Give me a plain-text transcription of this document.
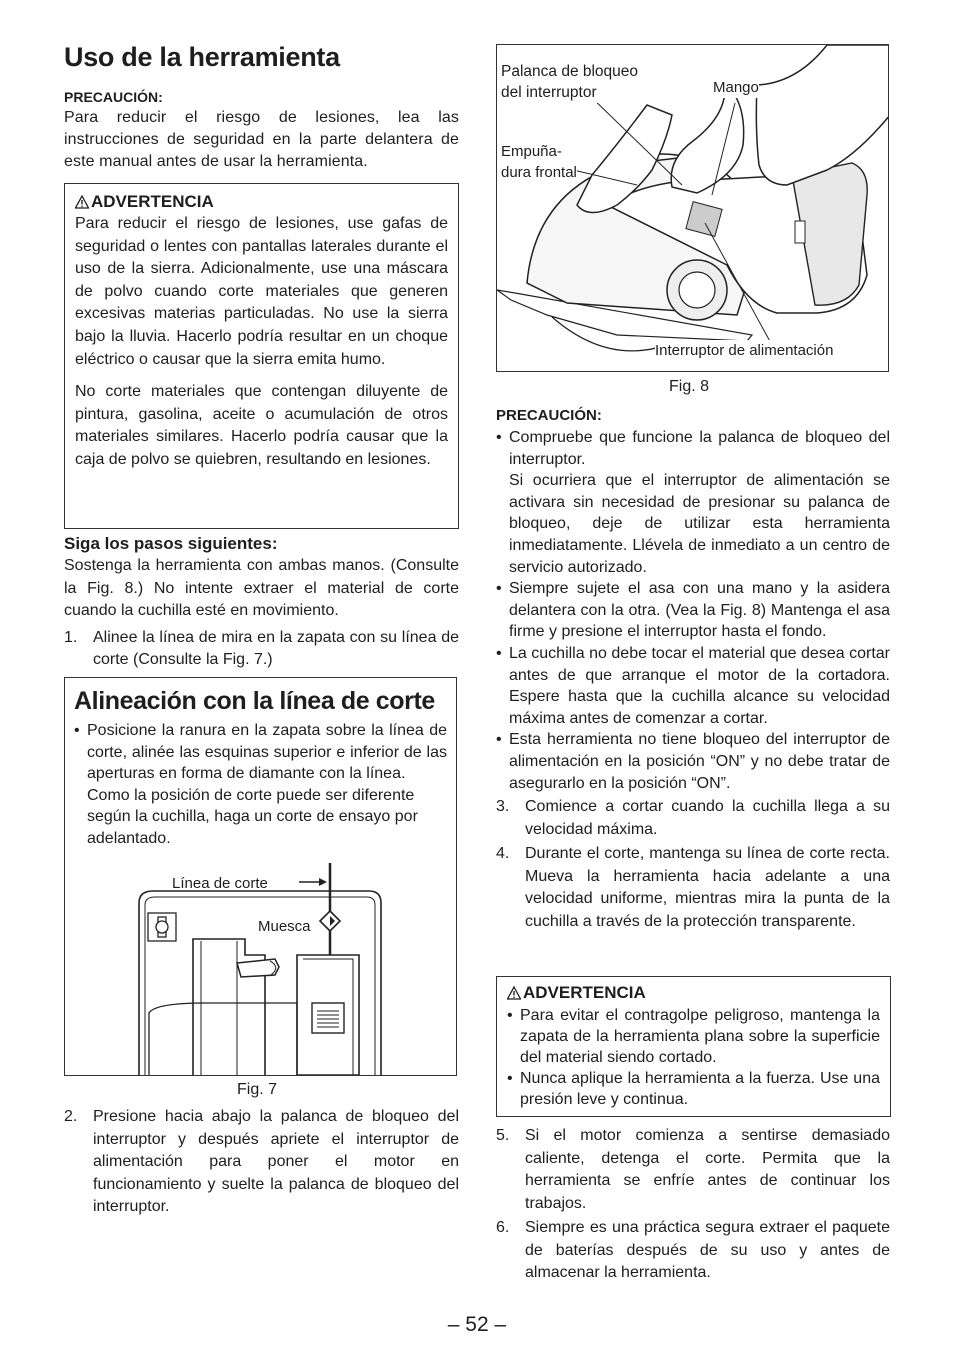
Uso de la herramienta
PRECAUCIÓN:

Para reducir el riesgo de lesiones, lea las instrucciones de seguridad en la parte delantera de este manual antes de usar la herramienta.

ADVERTENCIA

Para reducir el riesgo de lesiones, use gafas de seguridad o lentes con pantallas laterales durante el uso de la sierra. Adicionalmente, use una máscara de polvo cuando corte materiales que generen excesivas materias particuladas. No use la sierra bajo la lluvia. Hacerlo podría resultar en un choque eléctrico o causar que la sierra emita humo.

No corte materiales que contengan diluyente de pintura, gasolina, aceite o acumulación de otros materiales similares. Hacerlo podría causar que la caja de polvo se quiebren, resultando en lesiones.

Siga los pasos siguientes:

Sostenga la herramienta con ambas manos. (Consulte la Fig. 8.) No intente extraer el material de corte cuando la cuchilla esté en movimiento.

1. Alinee la línea de mira en la zapata con su línea de corte (Consulte la Fig. 7.)
Alineación con la línea de corte
• Posicione la ranura en la zapata sobre la línea de corte, alinée las esquinas superior e inferior de las aperturas en forma de diamante con la línea.

Como la posición de corte puede ser diferente según la cuchilla, haga un corte de ensayo por adelantado.

Línea de corte
Muesca
Fig. 7
2. Presione hacia abajo la palanca de bloqueo del interruptor y después apriete el interruptor de alimentación para poner el motor en funcionamiento y suelte la palanca de bloqueo del interruptor.
Palanca de bloqueo del interruptor	Mango
Empuña-dura frontal
Interruptor de alimentación
Fig. 8
PRECAUCIÓN:
• Compruebe que funcione la palanca de bloqueo del interruptor.

Si ocurriera que el interruptor de alimentación se activara sin necesidad de presionar su palanca de bloqueo, deje de utilizar esta herramienta inmediatamente. Llévela de inmediato a un centro de servicio autorizado.

• Siempre sujete el asa con una mano y la asidera delantera con la otra. (Vea la Fig. 8) Mantenga el asa firme y presione el interruptor hasta el fondo.
• La cuchilla no debe tocar el material que desea cortar antes de que arranque el motor de la cortadora. Espere hasta que la cuchilla alcance su velocidad máxima antes de comenzar a cortar.
• Esta herramienta no tiene bloqueo del interruptor de alimentación en la posición “ON” y no debe tratar de asegurarlo en la posición “ON”.
3. Comience a cortar cuando la cuchilla llega a su velocidad máxima.
4. Durante el corte, mantenga su línea de corte recta. Mueva la herramienta hacia adelante a una velocidad uniforme, mientras mira la punta de la cuchilla a través de la protección transparente.
ADVERTENCIA
• Para evitar el contragolpe peligroso, mantenga la zapata de la herramienta plana sobre la superficie del material siendo cortado.
• Nunca aplique la herramienta a la fuerza. Use una presión leve y continua.
5. Si el motor comienza a sentirse demasiado caliente, detenga el corte. Permita que la herramienta se enfríe antes de continuar los trabajos.
6. Siempre es una práctica segura extraer el paquete de baterías después de su uso y antes de almacenar la herramienta.
– 52 –
